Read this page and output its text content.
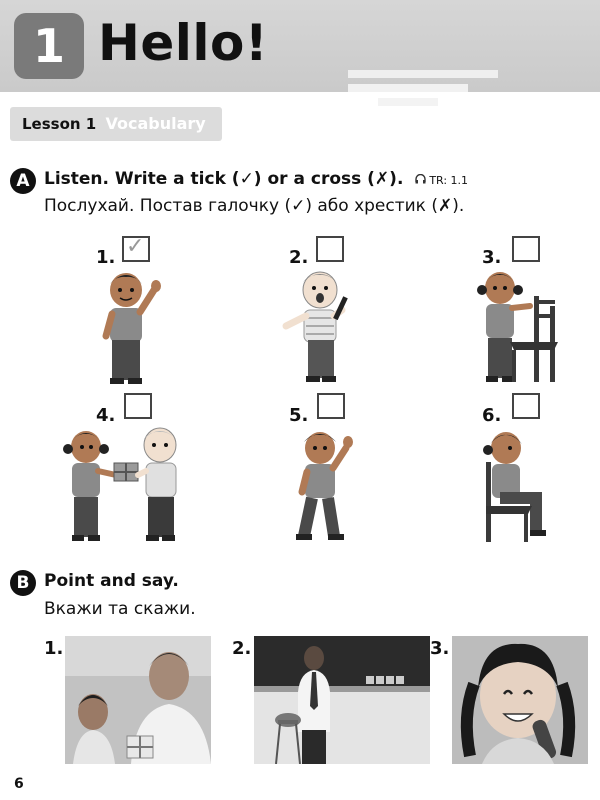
1 Hello!
Lesson 1 Vocabulary
A Listen. Write a tick (✓) or a cross (✗). TR: 1.1
Послухай. Постав галочку (✓) або хрестик (✗).
1. ✓	2.	3.
4.	5.	6.
B Point and say.
Вкажи та скажи.
1.	2.	3.
6
